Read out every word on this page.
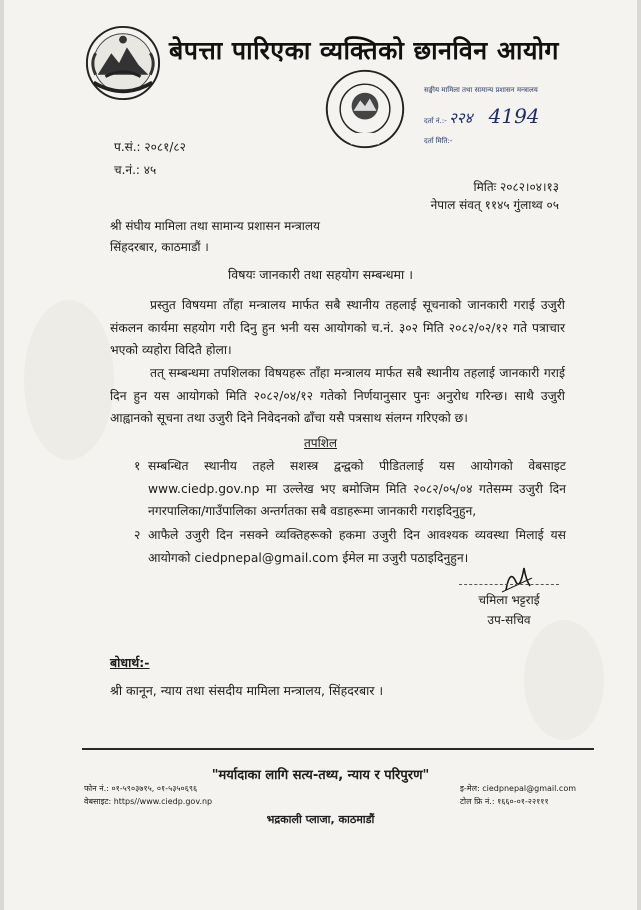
बेपत्ता पारिएका व्यक्तिको छानविन आयोग
सङ्घीय मामिला तथा सामान्य प्रशासन मन्त्रालय
दर्ता नं.:- २२४ 4194
दर्ता मिति:-
प.सं.: २०८१/८२
च.नं.: ४५
मितिः २०८२।०४।१३
नेपाल संवत् ११४५ गुंलाथ्व ०५
श्री संघीय मामिला तथा सामान्य प्रशासन मन्त्रालय
सिंहदरबार, काठमाडौं ।
विषयः जानकारी तथा सहयोग सम्बन्धमा ।
प्रस्तुत विषयमा ताँहा मन्त्रालय मार्फत सबै स्थानीय तहलाई सूचनाको जानकारी गराई उजुरी संकलन कार्यमा सहयोग गरी दिनु हुन भनी यस आयोगको च.नं. ३०२ मिति २०८२/०२/१२ गते पत्राचार भएको व्यहोरा विदितै होला।
तत् सम्बन्धमा तपशिलका विषयहरू ताँहा मन्त्रालय मार्फत सबै स्थानीय तहलाई जानकारी गराई दिन हुन यस आयोगको मिति २०८२/०४/१२ गतेको निर्णयानुसार पुनः अनुरोध गरिन्छ। साथै उजुरी आह्वानको सूचना तथा उजुरी दिने निवेदनको ढाँचा यसै पत्रसाथ संलग्न गरिएको छ।
तपशिल
१ सम्बन्धित स्थानीय तहले सशस्त्र द्वन्द्वको पीडितलाई यस आयोगको वेबसाइट www.ciedp.gov.np मा उल्लेख भए बमोजिम मिति २०८२/०५/०४ गतेसम्म उजुरी दिन नगरपालिका/गाउँपालिका अन्तर्गतका सबै वडाहरूमा जानकारी गराइदिनुहुन,
२ आफैले उजुरी दिन नसक्ने व्यक्तिहरूको हकमा उजुरी दिन आवश्यक व्यवस्था मिलाई यस आयोगको ciedpnepal@gmail.com ईमेल मा उजुरी पठाइदिनुहुन।
चमिला भट्टराई
उप-सचिव
बोधार्थ:-
श्री कानून, न्याय तथा संसदीय मामिला मन्त्रालय, सिंहदरबार ।
"मर्यादाका लागि सत्य-तथ्य, न्याय र परिपुरण"
फोन नं.: ०१-५९०३७१५, ०१-५३५०६९६
वेबसाइट: https//www.ciedp.gov.np
इ-मेल: ciedpnepal@gmail.com
टोल फ्रि नं.: १६६०-०१-२२१११
भद्रकाली प्लाजा, काठमाडौं
